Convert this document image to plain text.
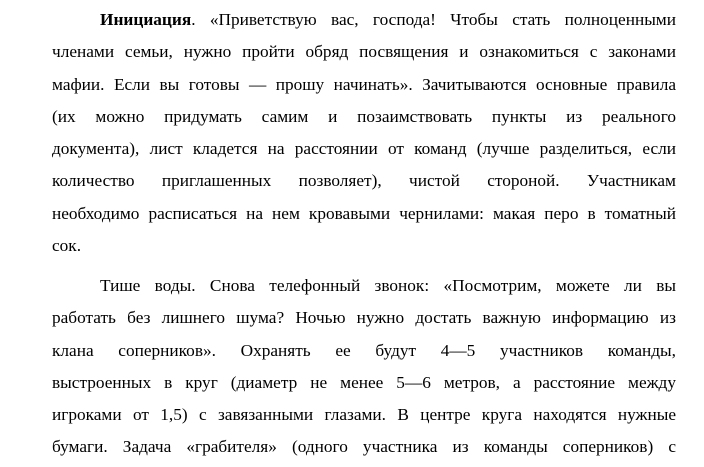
Инициация. «Приветствую вас, господа! Чтобы стать полноценными
членами семьи, нужно пройти обряд посвящения и ознакомиться с законами
мафии. Если вы готовы — прошу начинать». Зачитываются основные правила
(их можно придумать самим и позаимствовать пункты из реального
документа), лист кладется на расстоянии от команд (лучше разделиться, если
количество приглашенных позволяет), чистой стороной. Участникам
необходимо расписаться на нем кровавыми чернилами: макая перо в томатный
сок.
Тише воды. Снова телефонный звонок: «Посмотрим, можете ли вы
работать без лишнего шума? Ночью нужно достать важную информацию из
клана соперников». Охранять ее будут 4—5 участников команды,
выстроенных в круг (диаметр не менее 5—6 метров, а расстояние между
игроками от 1,5) с завязанными глазами. В центре круга находятся нужные
бумаги. Задача «грабителя» (одного участника из команды соперников) с
